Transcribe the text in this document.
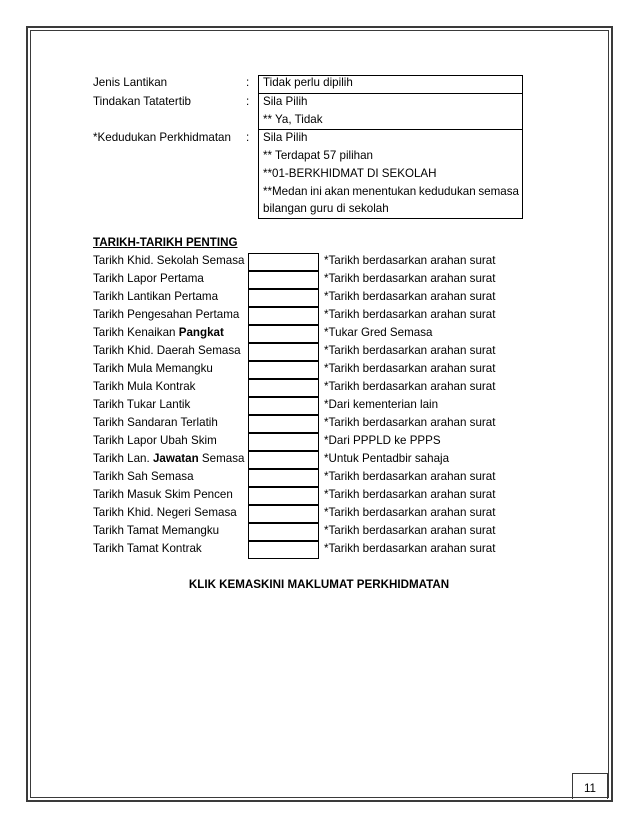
Jenis Lantikan	: Tidak perlu dipilih
Tindakan Tatatertib	: Sila Pilih
** Ya, Tidak
*Kedudukan Perkhidmatan : Sila Pilih
** Terdapat 57 pilihan
**01-BERKHIDMAT DI SEKOLAH
**Medan ini akan menentukan kedudukan semasa
bilangan guru di sekolah
TARIKH-TARIKH PENTING
Tarikh Khid. Sekolah Semasa	*Tarikh berdasarkan arahan surat
Tarikh Lapor Pertama	*Tarikh berdasarkan arahan surat
Tarikh Lantikan Pertama	*Tarikh berdasarkan arahan surat
Tarikh Pengesahan Pertama	*Tarikh berdasarkan arahan surat
Tarikh Kenaikan Pangkat	*Tukar Gred Semasa
Tarikh Khid. Daerah Semasa	*Tarikh berdasarkan arahan surat
Tarikh Mula Memangku	*Tarikh berdasarkan arahan surat
Tarikh Mula Kontrak	*Tarikh berdasarkan arahan surat
Tarikh Tukar Lantik	*Dari kementerian lain
Tarikh Sandaran Terlatih	*Tarikh berdasarkan arahan surat
Tarikh Lapor Ubah Skim	*Dari PPPLD ke PPPS
Tarikh Lan. Jawatan Semasa	*Untuk Pentadbir sahaja
Tarikh Sah Semasa	*Tarikh berdasarkan arahan surat
Tarikh Masuk Skim Pencen	*Tarikh berdasarkan arahan surat
Tarikh Khid. Negeri Semasa	*Tarikh berdasarkan arahan surat
Tarikh Tamat Memangku	*Tarikh berdasarkan arahan surat
Tarikh Tamat Kontrak	*Tarikh berdasarkan arahan surat
KLIK KEMASKINI MAKLUMAT PERKHIDMATAN
11
